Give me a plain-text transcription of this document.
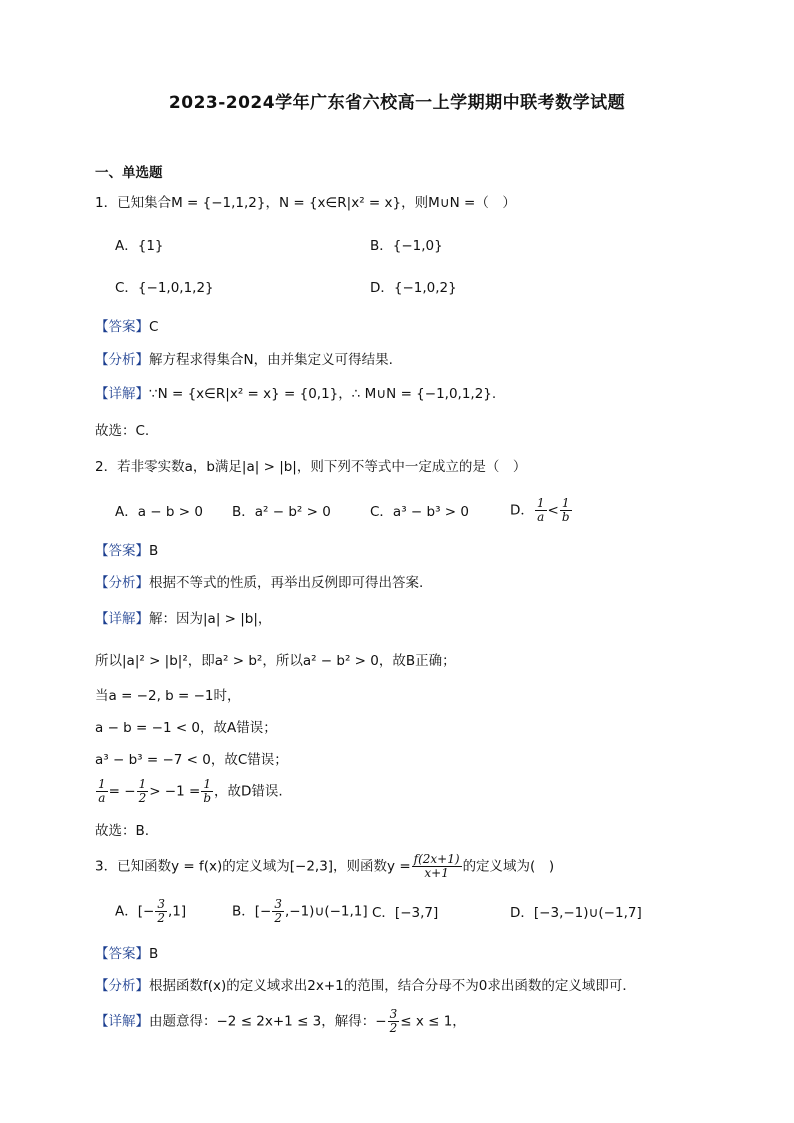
2023-2024学年广东省六校高一上学期期中联考数学试题
一、单选题
1．已知集合M = {−1,1,2}，N = {x∈R|x² = x}，则M∪N =（　）
A．{1}	B．{−1,0}
C．{−1,0,1,2}	D．{−1,0,2}
【答案】C
【分析】解方程求得集合N，由并集定义可得结果.
【详解】∵N = {x∈R|x² = x} = {0,1}，∴ M∪N = {−1,0,1,2}.
故选：C.
2．若非零实数a，b满足|a| > |b|，则下列不等式中一定成立的是（　）
A．a − b > 0 B．a² − b² > 0	C．a³ − b³ > 0	D． $\frac{1}{a} < \frac{1}{b}$
【答案】B
【分析】根据不等式的性质，再举出反例即可得出答案.
【详解】解：因为|a| > |b|，
所以|a|² > |b|²，即a² > b²，所以a² − b² > 0，故B正确；
当a = −2, b = −1时，
a − b = −1 < 0，故A错误；
a³ − b³ = −7 < 0，故C错误；
$\frac{1}{a}$ = − $\frac{1}{2} > -1 = \frac{1}{b}$ ，故D错误.
故选：B.
3．已知函数y = f(x)的定义域为[−2,3]，则函数$y = \frac{f(2x+1)}{x+1}$ 的定义域为(　)
A．[− $\frac{3}{2} ,1$]	B．[− $\frac{3}{2}$ ,−1)∪(−1,1] C．[−3,7]	D．[−3,−1)∪(−1,7]
【答案】B
【分析】根据函数f(x)的定义域求出2x+1的范围，结合分母不为0求出函数的定义域即可．
【详解】由题意得：−2 ≤ 2x+1 ≤ 3，解得：− $\frac{3}{2} \le x \le 1$，
